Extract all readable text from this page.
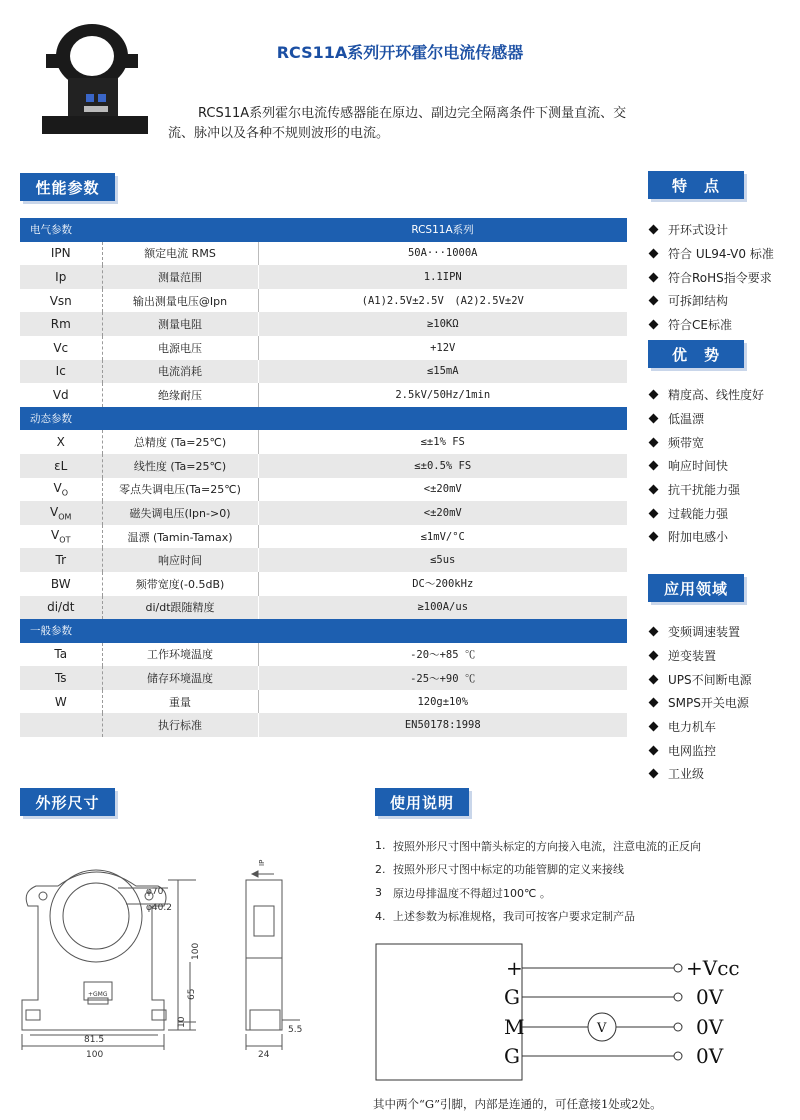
RCS11A系列开环霍尔电流传感器
RCS11A系列霍尔电流传感器能在原边、副边完全隔离条件下测量直流、交流、脉冲以及各种不规则波形的电流。
性能参数	特　点
优　势
应用领域
外形尺寸	使用说明
电气参数		RCS11A系列
IPN	额定电流 RMS	50A···1000A
Ip	测量范围	1.1IPN
Vsn	输出测量电压@Ipn	(A1)2.5V±2.5V　(A2)2.5V±2V
Rm	测量电阻	≥10KΩ
Vc	电源电压	+12V
Ic	电流消耗	≤15mA
Vd	绝缘耐压	2.5kV/50Hz/1min
动态参数		
X	总精度 (Ta=25℃)	≤±1% FS
εL	线性度 (Ta=25℃)	≤±0.5% FS
$V_O$	零点失调电压(Ta=25℃)	<±20mV
$V_{OM}$	磁失调电压(Ipn->0)	<±20mV
$V_{OT}$	温漂 (Tamin-Tamax)	≤1mV/°C
Tr	响应时间	≤5us
BW	频带宽度(-0.5dB)	DC～200kHz
di/dt	di/dt跟随精度	≥100A/us
一般参数		
Ta	工作环境温度	-20～+85 ℃
Ts	储存环境温度	-25～+90 ℃
W	重量	120g±10%
	执行标准	EN50178:1998
开环式设计
符合 UL94-V0 标准
符合RoHS指令要求
可拆卸结构
符合CE标准
精度高、线性度好
低温漂
频带宽
响应时间快
抗干扰能力强
过载能力强
附加电感小
变频调速装置
逆变装置
UPS不间断电源
SMPS开关电源
电力机车
电网监控
工业级
φ70
φ40.2
100
65
10
81.5
100	24
5.5
IP
+GMG
1. 按照外形尺寸图中箭头标定的方向接入电流，注意电流的正反向
2. 按照外形尺寸图中标定的功能管脚的定义来接线
3	原边母排温度不得超过100℃ 。
4. 上述参数为标准规格，我司可按客户要求定制产品
V
+
G
M
G
+Vcc
0V
0V
0V
其中两个“G”引脚，内部是连通的，可任意接1处或2处。
